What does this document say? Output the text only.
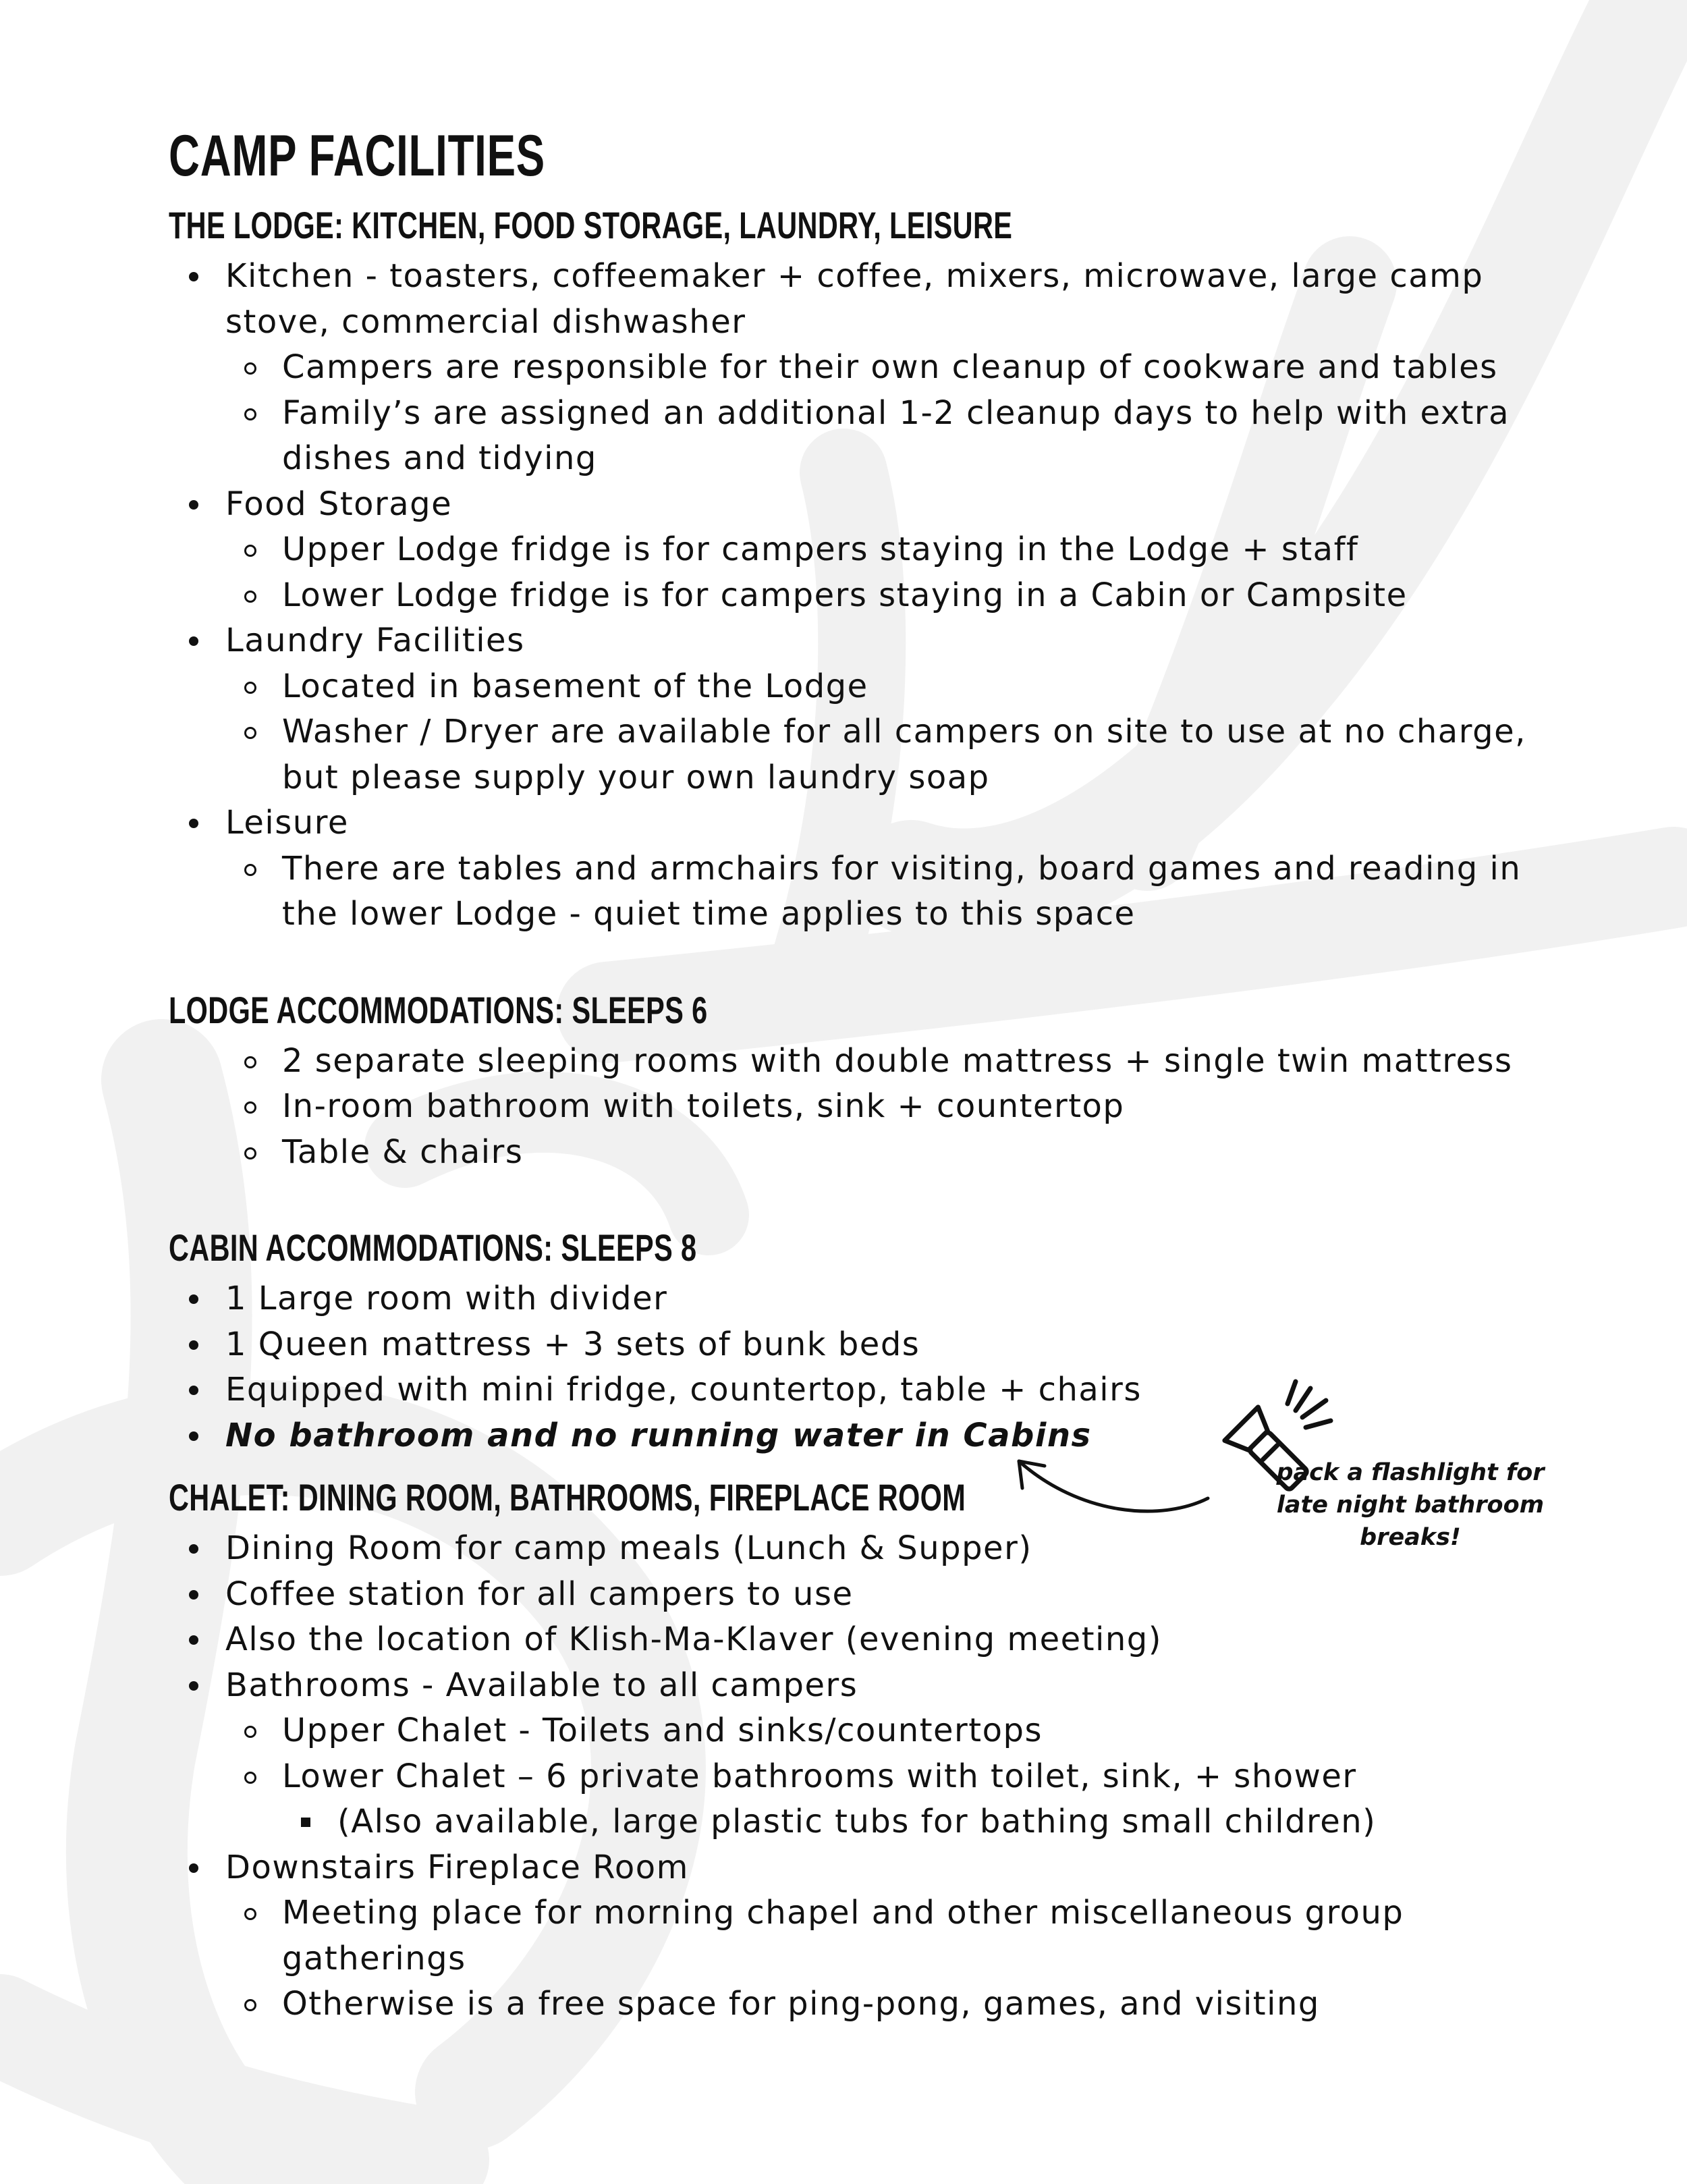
CAMP FACILITIES
THE LODGE: KITCHEN, FOOD STORAGE, LAUNDRY, LEISURE
Kitchen - toasters, coffeemaker + coffee, mixers, microwave, large camp stove, commercial dishwasher
Campers are responsible for their own cleanup of cookware and tables
Family’s are assigned an additional 1-2 cleanup days to help with extra dishes and tidying
Food Storage
Upper Lodge fridge is for campers staying in the Lodge + staff
Lower Lodge fridge is for campers staying in a Cabin or Campsite
Laundry Facilities
Located in basement of the Lodge
Washer / Dryer are available for all campers on site to use at no charge, but please supply your own laundry soap
Leisure
There are tables and armchairs for visiting, board games and reading in the lower Lodge - quiet time applies to this space
LODGE ACCOMMODATIONS: SLEEPS 6
2 separate sleeping rooms with double mattress + single twin mattress
In-room bathroom with toilets, sink + countertop
Table & chairs
CABIN ACCOMMODATIONS: SLEEPS 8
1 Large room with divider
1 Queen mattress + 3 sets of bunk beds
Equipped with mini fridge, countertop, table + chairs
No bathroom and no running water in Cabins
CHALET: DINING ROOM, BATHROOMS, FIREPLACE ROOM
Dining Room for camp meals (Lunch & Supper)
Coffee station for all campers to use
Also the location of Klish-Ma-Klaver (evening meeting)
Bathrooms - Available to all campers
Upper Chalet - Toilets and sinks/countertops
Lower Chalet – 6 private bathrooms with toilet, sink, + shower
(Also available, large plastic tubs for bathing small children)
Downstairs Fireplace Room
Meeting place for morning chapel and other miscellaneous group gatherings
Otherwise is a free space for ping-pong, games, and visiting
pack a flashlight for late night bathroom breaks!
